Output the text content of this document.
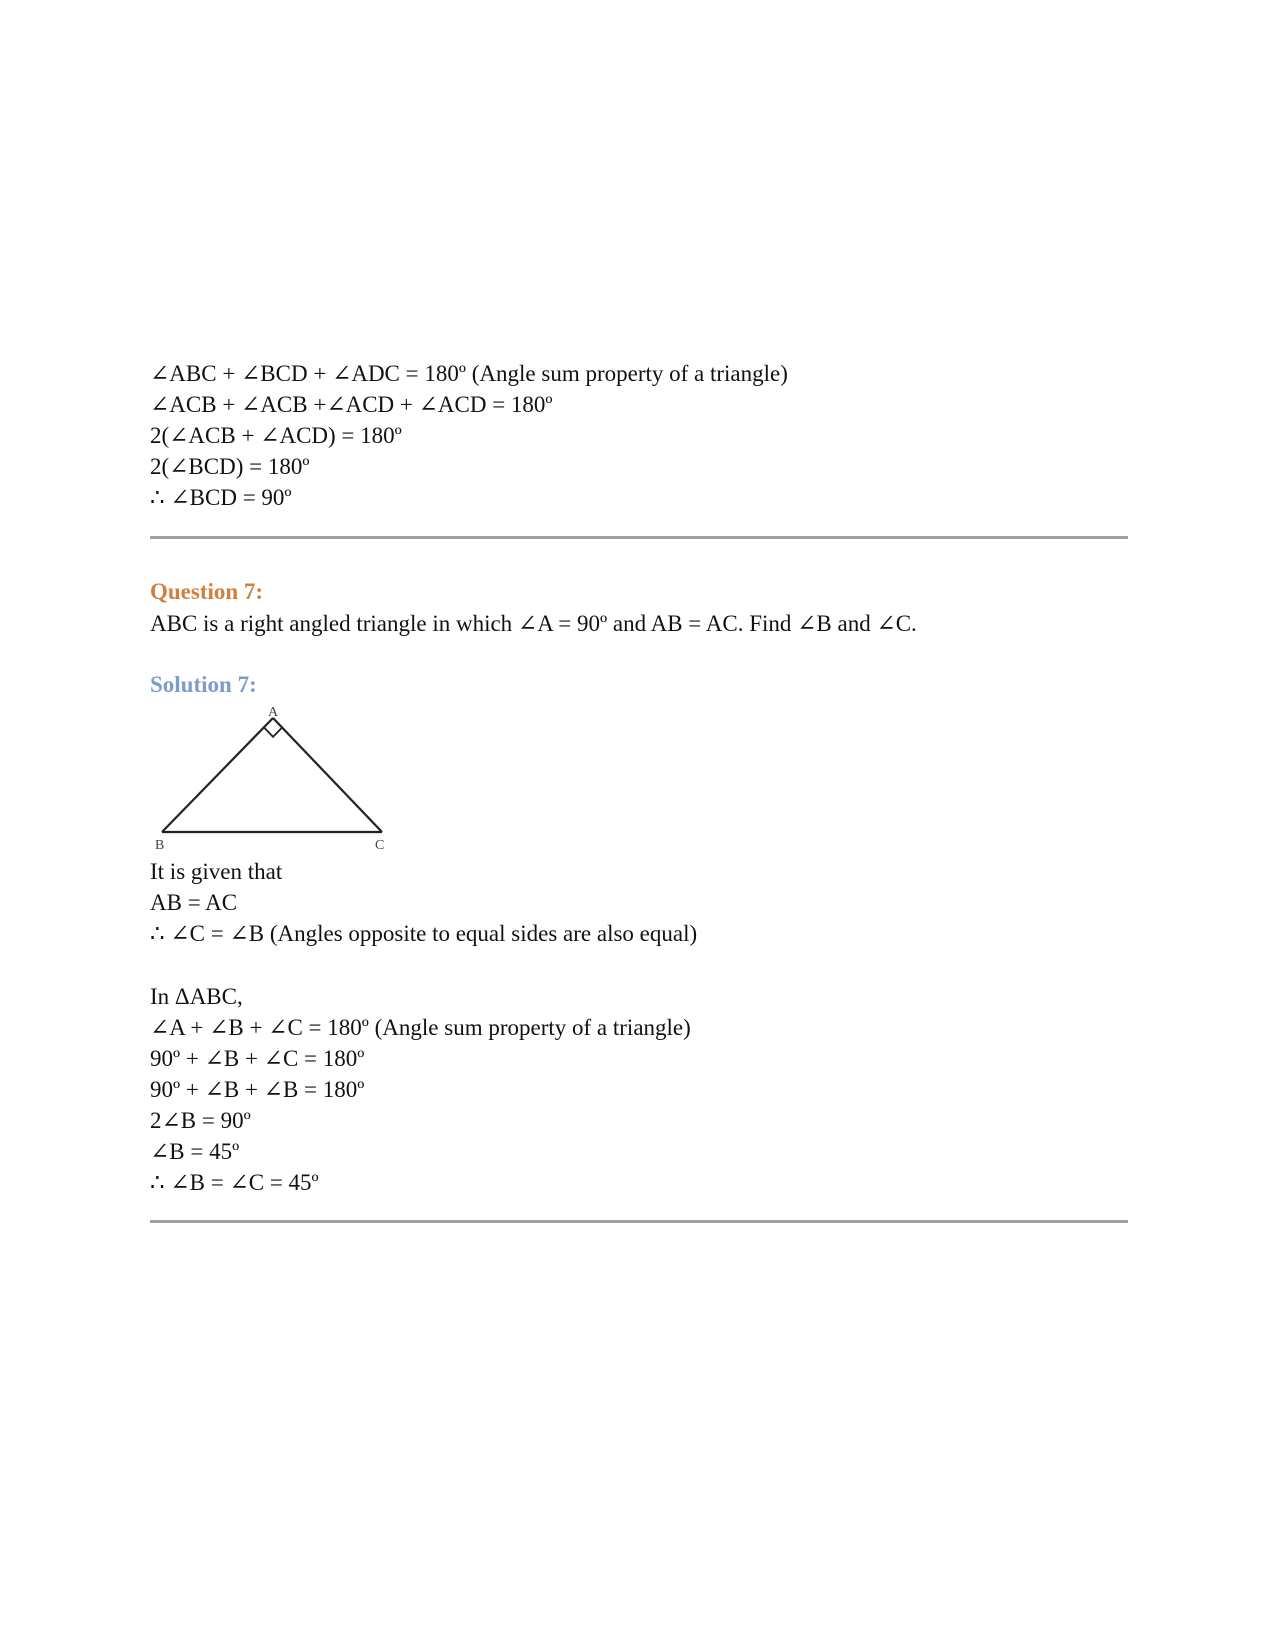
∠ABC + ∠BCD + ∠ADC = 180º (Angle sum property of a triangle)
∠ACB + ∠ACB +∠ACD + ∠ACD = 180º
2(∠ACB + ∠ACD) = 180º
2(∠BCD) = 180º
∴ ∠BCD = 90º
Question 7:
ABC is a right angled triangle in which ∠A = 90º and AB = AC. Find ∠B and ∠C.
Solution 7:
A
B	C
It is given that
AB = AC
∴ ∠C = ∠B (Angles opposite to equal sides are also equal)
In ΔABC,
∠A + ∠B + ∠C = 180º (Angle sum property of a triangle)
90º + ∠B + ∠C = 180º
90º + ∠B + ∠B = 180º
2∠B = 90º
∠B = 45º
∴ ∠B = ∠C = 45º
